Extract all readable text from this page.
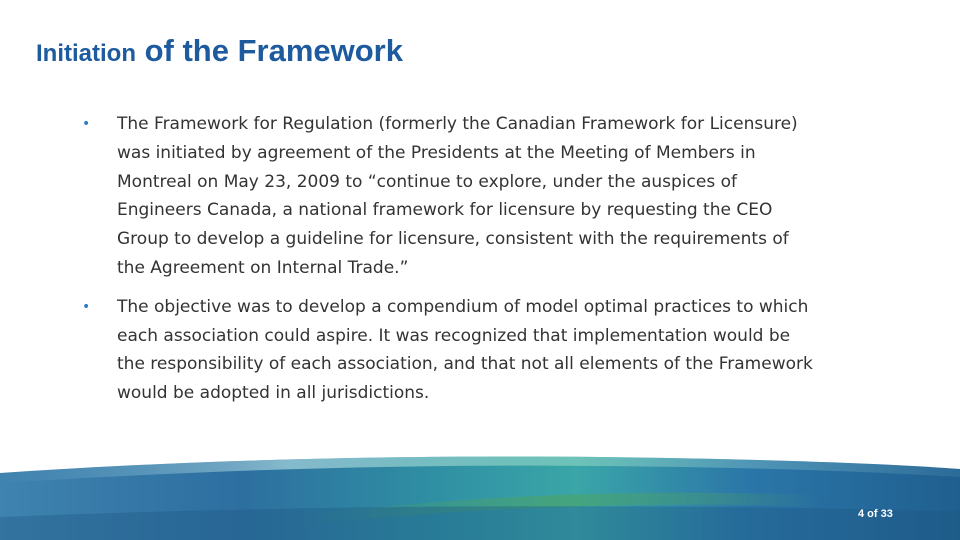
Initiation of the Framework
• The Framework for Regulation (formerly the Canadian Framework for Licensure) was initiated by agreement of the Presidents at the Meeting of Members in Montreal on May 23, 2009 to “continue to explore, under the auspices of Engineers Canada, a national framework for licensure by requesting the CEO Group to develop a guideline for licensure, consistent with the requirements of the Agreement on Internal Trade.”
• The objective was to develop a compendium of model optimal practices to which each association could aspire. It was recognized that implementation would be the responsibility of each association, and that not all elements of the Framework would be adopted in all jurisdictions.
4 of 33
